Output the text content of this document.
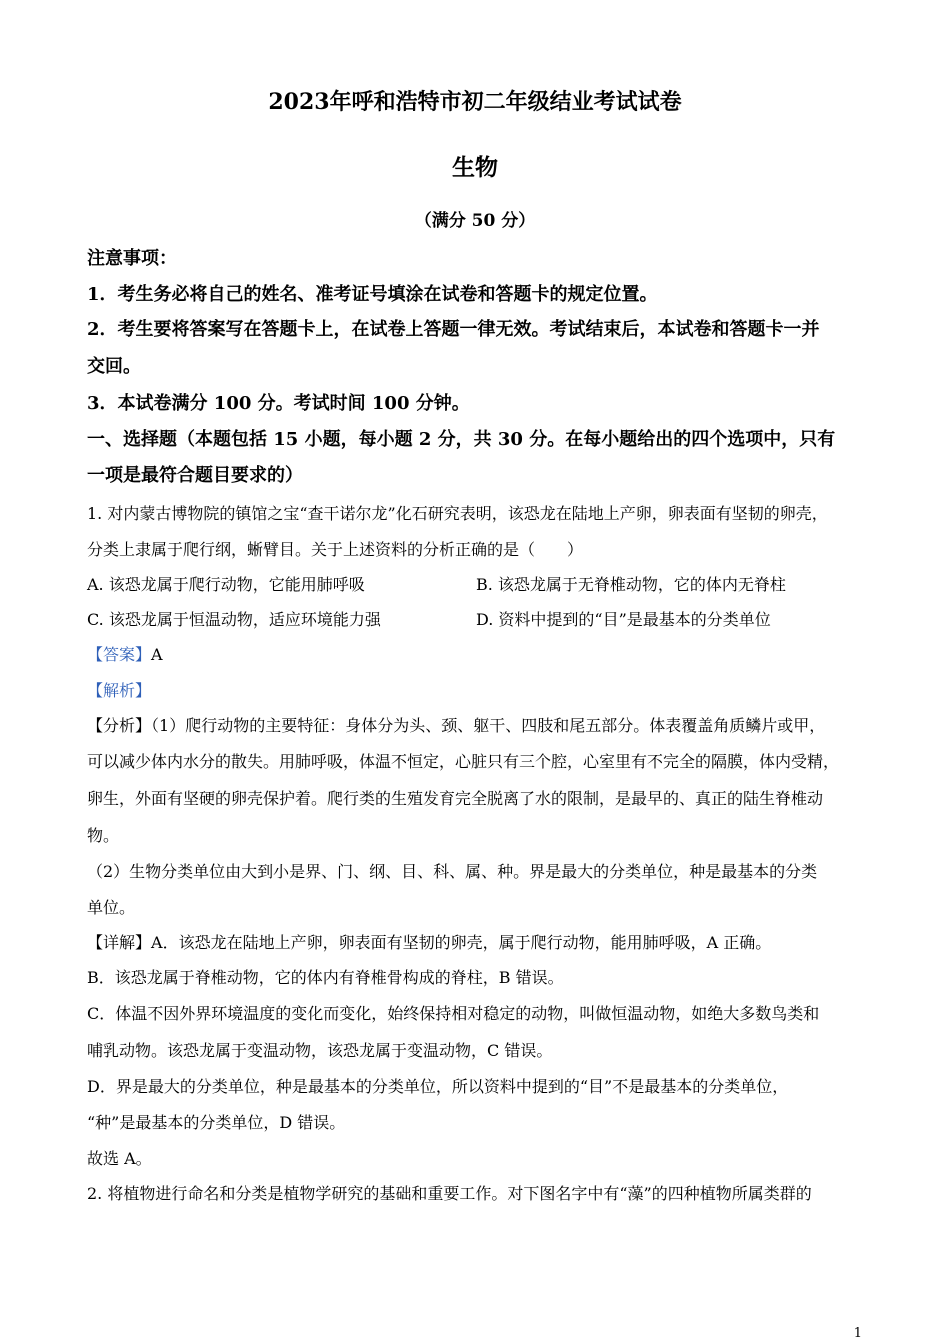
2023年呼和浩特市初二年级结业考试试卷
生物
（满分 50 分）
注意事项：
1．考生务必将自己的姓名、准考证号填涂在试卷和答题卡的规定位置。
2．考生要将答案写在答题卡上，在试卷上答题一律无效。考试结束后，本试卷和答题卡一并
交回。
3．本试卷满分 100 分。考试时间 100 分钟。
一、选择题（本题包括 15 小题，每小题 2 分，共 30 分。在每小题给出的四个选项中，只有
一项是最符合题目要求的）
1. 对内蒙古博物院的镇馆之宝“查干诺尔龙”化石研究表明，该恐龙在陆地上产卵，卵表面有坚韧的卵壳，
分类上隶属于爬行纲，蜥臂目。关于上述资料的分析正确的是（　　）
A. 该恐龙属于爬行动物，它能用肺呼吸	B. 该恐龙属于无脊椎动物，它的体内无脊柱
C. 该恐龙属于恒温动物，适应环境能力强	D. 资料中提到的“目”是最基本的分类单位
【答案】A
【解析】
【分析】（1）爬行动物的主要特征：身体分为头、颈、躯干、四肢和尾五部分。体表覆盖角质鳞片或甲，
可以减少体内水分的散失。用肺呼吸，体温不恒定，心脏只有三个腔，心室里有不完全的隔膜，体内受精，
卵生，外面有坚硬的卵壳保护着。爬行类的生殖发育完全脱离了水的限制，是最早的、真正的陆生脊椎动
物。
（2）生物分类单位由大到小是界、门、纲、目、科、属、种。界是最大的分类单位，种是最基本的分类
单位。
【详解】A．该恐龙在陆地上产卵，卵表面有坚韧的卵壳，属于爬行动物，能用肺呼吸，A 正确。
B．该恐龙属于脊椎动物，它的体内有脊椎骨构成的脊柱，B 错误。
C．体温不因外界环境温度的变化而变化，始终保持相对稳定的动物，叫做恒温动物，如绝大多数鸟类和
哺乳动物。该恐龙属于变温动物，该恐龙属于变温动物，C 错误。
D．界是最大的分类单位，种是最基本的分类单位，所以资料中提到的“目”不是最基本的分类单位，
“种”是最基本的分类单位，D 错误。
故选 A。
2. 将植物进行命名和分类是植物学研究的基础和重要工作。对下图名字中有“藻”的四种植物所属类群的
1
